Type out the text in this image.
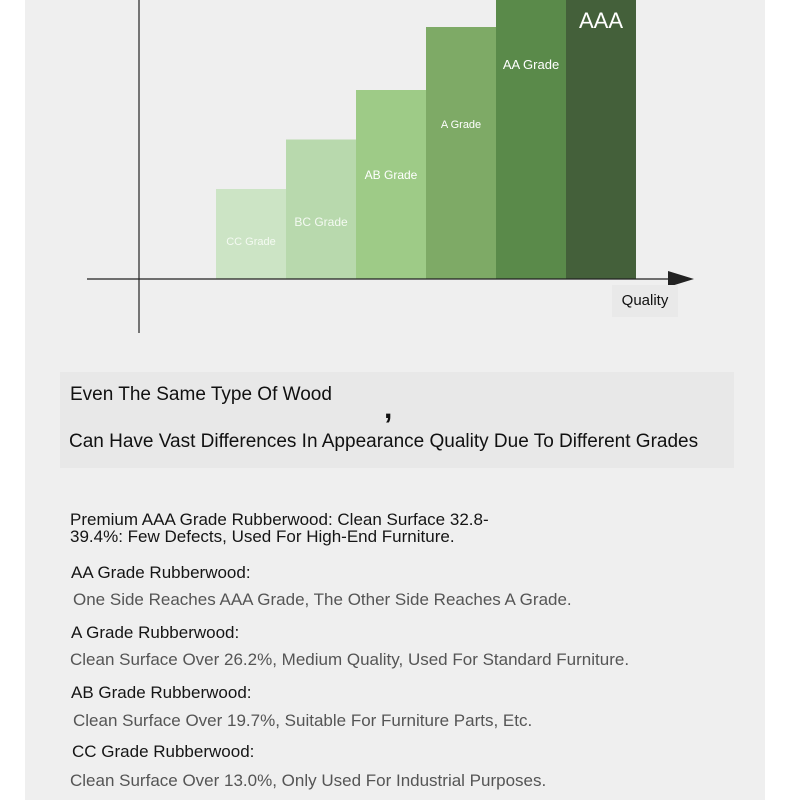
CC Grade
BC Grade
AB Grade
A Grade
AA Grade
AAA
Quality
Even The Same Type Of Wood ,
Can Have Vast Differences In Appearance Quality Due To Different Grades
Premium AAA Grade Rubberwood: Clean Surface 32.8-39.4%: Few Defects, Used For High-End Furniture.
AA Grade Rubberwood:
One Side Reaches AAA Grade, The Other Side Reaches A Grade.
A Grade Rubberwood:
Clean Surface Over 26.2%, Medium Quality, Used For Standard Furniture.
AB Grade Rubberwood:
Clean Surface Over 19.7%, Suitable For Furniture Parts, Etc.
CC Grade Rubberwood:
Clean Surface Over 13.0%, Only Used For Industrial Purposes.
